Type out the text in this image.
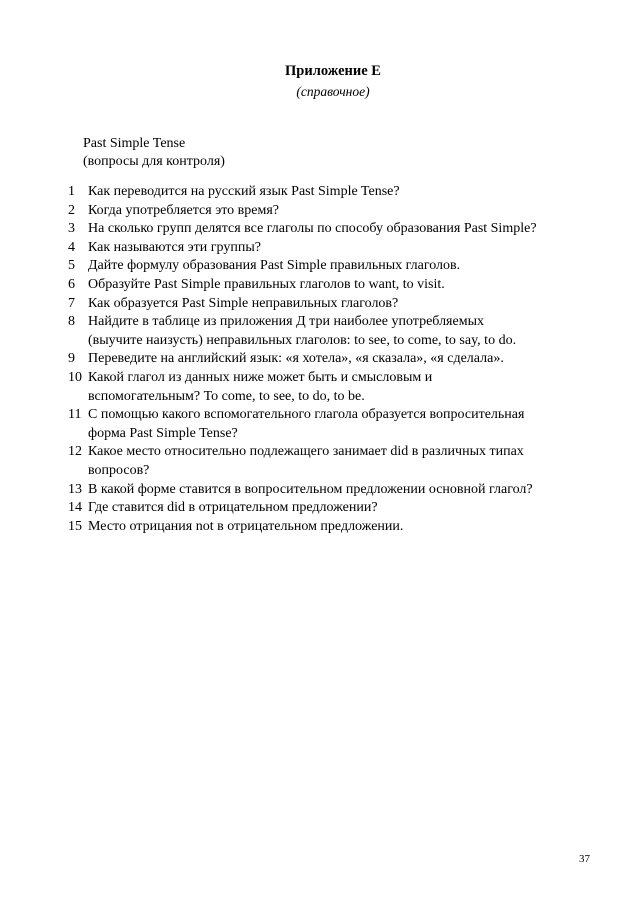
Приложение Е
(справочное)
Past Simple Tense
(вопросы для контроля)
1 Как переводится на русский язык Past Simple Tense?
2 Когда употребляется это время?
3 На сколько групп делятся все глаголы по способу образования Past Simple?
4 Как называются эти группы?
5 Дайте формулу образования Past Simple правильных глаголов.
6 Образуйте Past Simple правильных глаголов to want, to visit.
7 Как образуется Past Simple неправильных глаголов?
8 Найдите в таблице из приложения Д три наиболее употребляемых
(выучите наизусть) неправильных глаголов: to see, to come, to say, to do.
9 Переведите на английский язык: «я хотела», «я сказала», «я сделала».
10 Какой глагол из данных ниже может быть и смысловым и
вспомогательным? To come, to see, to do, to be.
11 С помощью какого вспомогательного глагола образуется вопросительная
форма Past Simple Tense?
12 Какое место относительно подлежащего занимает did в различных типах
вопросов?
13 В какой форме ставится в вопросительном предложении основной глагол?
14 Где ставится did в отрицательном предложении?
15 Место отрицания not в отрицательном предложении.
37
